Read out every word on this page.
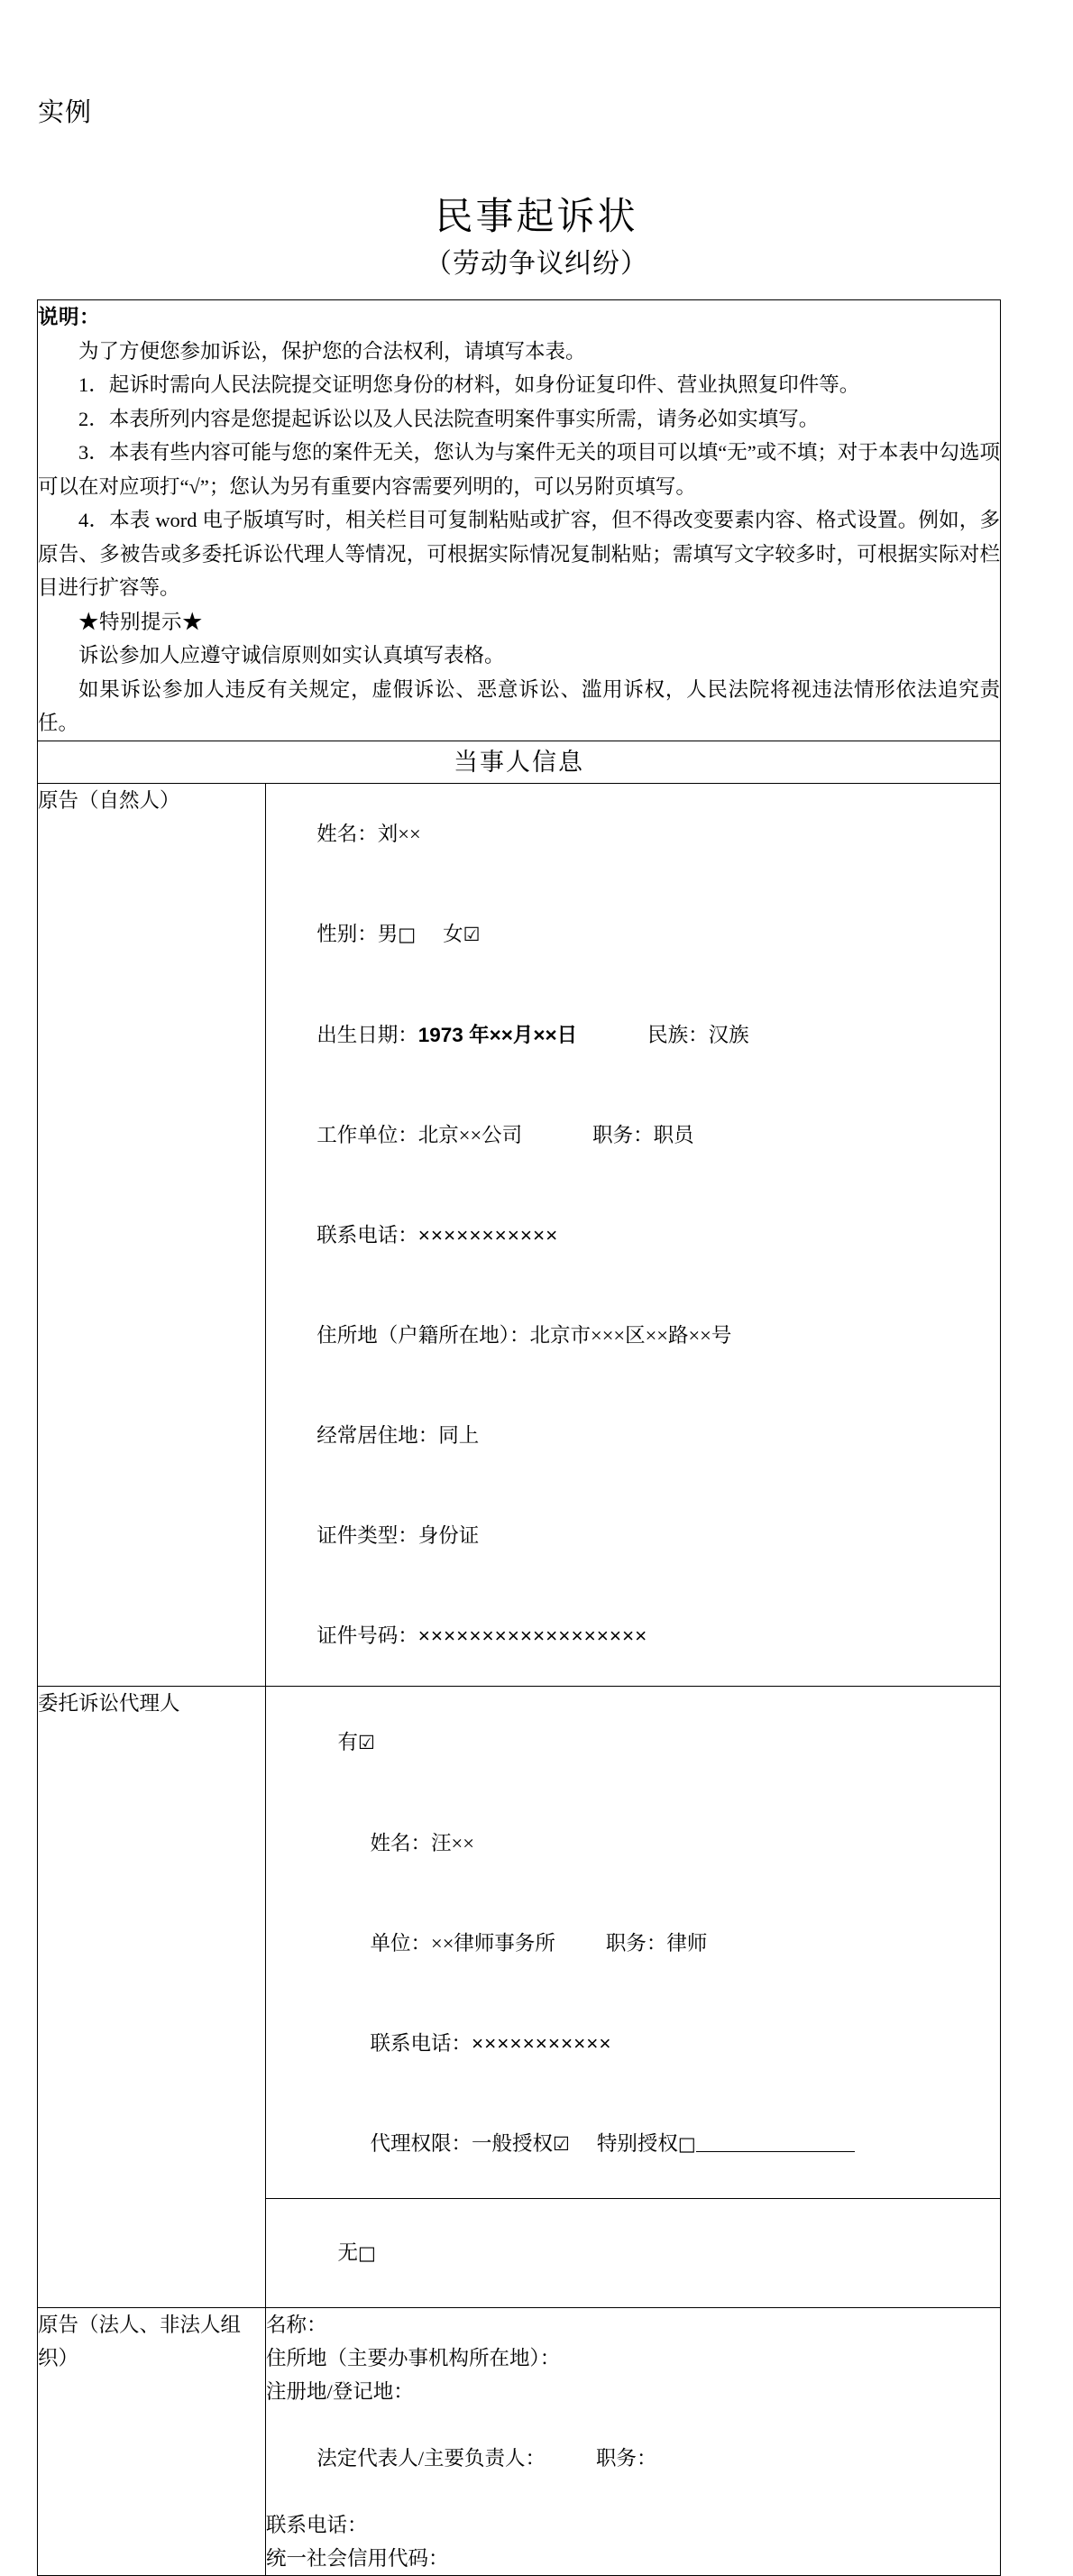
实例
民事起诉状
（劳动争议纠纷）

说明：

为了方便您参加诉讼，保护您的合法权利，请填写本表。

1．起诉时需向人民法院提交证明您身份的材料，如身份证复印件、营业执照复印件等。

2．本表所列内容是您提起诉讼以及人民法院查明案件事实所需，请务必如实填写。

3．本表有些内容可能与您的案件无关，您认为与案件无关的项目可以填“无”或不填；对于本表中勾选项可以在对应项打“√”；您认为另有重要内容需要列明的，可以另附页填写。

4．本表 word 电子版填写时，相关栏目可复制粘贴或扩容，但不得改变要素内容、格式设置。例如，多原告、多被告或多委托诉讼代理人等情况，可根据实际情况复制粘贴；需填写文字较多时，可根据实际对栏目进行扩容等。

★特别提示★

诉讼参加人应遵守诚信原则如实认真填写表格。

如果诉讼参加人违反有关规定，虚假诉讼、恶意诉讼、滥用诉权，人民法院将视违法情形依法追究责任。

当事人信息	
原告（自然人）	

姓名：刘××

性别：男□ 女☑

出生日期：1973 年××月××日	民族：汉族

工作单位：北京××公司	职务：职员

联系电话：×××××××××××

住所地（户籍所在地）：北京市×××区××路××号

经常居住地：同上

证件类型：身份证

证件号码：××××××××××××××××××

委托诉讼代理人	

有☑

姓名：汪××

单位：××律师事务所 职务：律师

联系电话：×××××××××××

代理权限：一般授权☑ 特别授权□

无□

原告（法人、非法人组织）	
名称：
住所地（主要办事机构所在地）：
注册地/登记地：

法定代表人/主要负责人： 职务：

联系电话：
统一社会信用代码：
